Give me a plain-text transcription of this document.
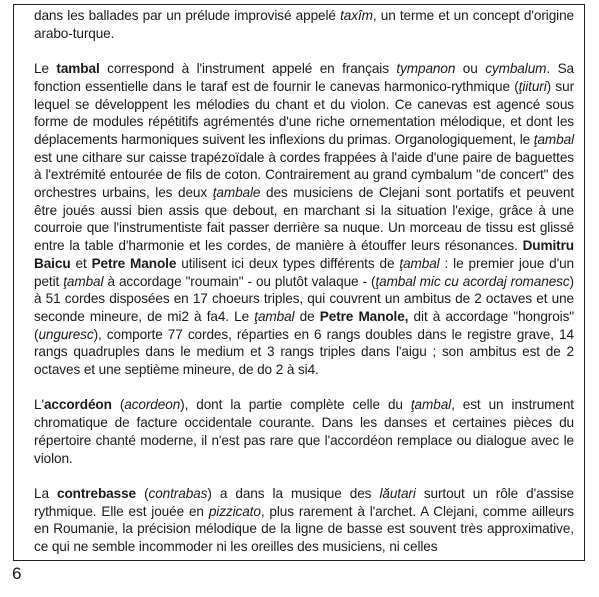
dans les ballades par un prélude improvisé appelé taxîm, un terme et un concept d'origine arabo-turque.

Le tambal correspond à l'instrument appelé en français tympanon ou cymbalum. Sa fonction essentielle dans le taraf est de fournir le canevas harmonico-rythmique (ţiituri) sur lequel se développent les mélodies du chant et du violon. Ce canevas est agencé sous forme de modules répétitifs agrémentés d'une riche ornementation mélodique, et dont les déplacements harmoniques suivent les inflexions du primas. Organologiquement, le ţambal est une cithare sur caisse trapézoïdale à cordes frappées à l'aide d'une paire de baguettes à l'extrémité entourée de fils de coton. Contrairement au grand cymbalum "de concert" des orchestres urbains, les deux ţambale des musiciens de Clejani sont portatifs et peuvent être joués aussi bien assis que debout, en marchant si la situation l'exige, grâce à une courroie que l'instrumentiste fait passer derrière sa nuque. Un morceau de tissu est glissé entre la table d'harmonie et les cordes, de manière à étouffer leurs résonances. Dumitru Baicu et Petre Manole utilisent ici deux types différents de ţambal : le premier joue d'un petit ţambal à accordage "roumain" - ou plutôt valaque - (ţambal mic cu acordaj romanesc) à 51 cordes disposées en 17 choeurs triples, qui couvrent un ambitus de 2 octaves et une seconde mineure, de mi2 à fa4. Le ţambal de Petre Manole, dit à accordage "hongrois" (unguresc), comporte 77 cordes, réparties en 6 rangs doubles dans le registre grave, 14 rangs quadruples dans le medium et 3 rangs triples dans l'aigu ; son ambitus est de 2 octaves et une septième mineure, de do 2 à si4.

L'accordéon (acordeon), dont la partie complète celle du ţambal, est un instrument chromatique de facture occidentale courante. Dans les danses et certaines pièces du répertoire chanté moderne, il n'est pas rare que l'accordéon remplace ou dialogue avec le violon.

La contrebasse (contrabas) a dans la musique des lăutari surtout un rôle d'assise rythmique. Elle est jouée en pizzicato, plus rarement à l'archet. A Clejani, comme ailleurs en Roumanie, la précision mélodique de la ligne de basse est souvent très approximative, ce qui ne semble incommoder ni les oreilles des musiciens, ni celles

6
